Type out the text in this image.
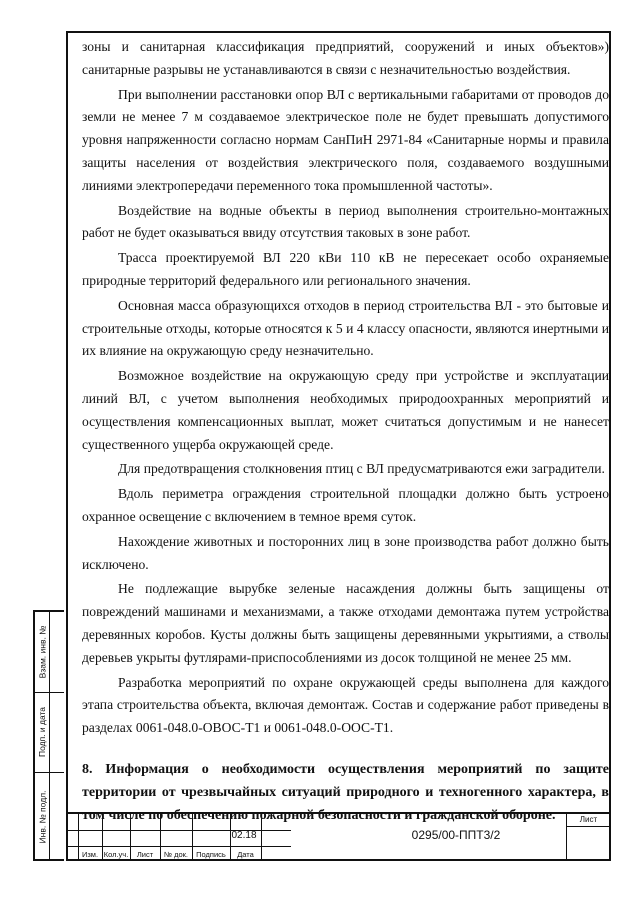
зоны и санитарная классификация предприятий, сооружений и иных объектов») санитарные разрывы не устанавливаются в связи с незначительностью воздействия.

При выполнении расстановки опор ВЛ с вертикальными габаритами от проводов до земли не менее 7 м создаваемое электрическое поле не будет превышать допустимого уровня напряженности согласно нормам СанПиН 2971-84 «Санитарные нормы и правила защиты населения от воздействия электрического поля, создаваемого воздушными линиями электропередачи переменного тока промышленной частоты».

Воздействие на водные объекты в период выполнения строительно-монтажных работ не будет оказываться ввиду отсутствия таковых в зоне работ.

Трасса проектируемой ВЛ 220 кВи 110 кВ не пересекает особо охраняемые природные территорий федерального или регионального значения.

Основная масса образующихся отходов в период строительства ВЛ - это бытовые и строительные отходы, которые относятся к 5 и 4 классу опасности, являются инертными и их влияние на окружающую среду незначительно.

Возможное воздействие на окружающую среду при устройстве и эксплуатации линий ВЛ, с учетом выполнения необходимых природоохранных мероприятий и осуществления компенсационных выплат, может считаться допустимым и не нанесет существенного ущерба окружающей среде.

Для предотвращения столкновения птиц с ВЛ предусматриваются ежи заградители.

Вдоль периметра ограждения строительной площадки должно быть устроено охранное освещение с включением в темное время суток.

Нахождение животных и посторонних лиц в зоне производства работ должно быть исключено.

Не подлежащие вырубке зеленые насаждения должны быть защищены от повреждений машинами и механизмами, а также отходами демонтажа путем устройства деревянных коробов. Кусты должны быть защищены деревянными укрытиями, а стволы деревьев укрыты футлярами-приспособлениями из досок толщиной не менее 25 мм.

Разработка мероприятий по охране окружающей среды выполнена для каждого этапа строительства объекта, включая демонтаж. Состав и содержание работ приведены в разделах 0061-048.0-ОВОС-Т1 и 0061-048.0-ООС-Т1.

8. Информация о необходимости осуществления мероприятий по защите территории от чрезвычайных ситуаций природного и техногенного характера, в том числе по обеспечению пожарной безопасности и гражданской обороне.

Взам. инв. №
Подп. и дата
Инв. № подл.
Изм. Кол.уч.	Лист	№ док.	Подпись	Дата
02.18	0295/00-ППТ3/2
Лист
